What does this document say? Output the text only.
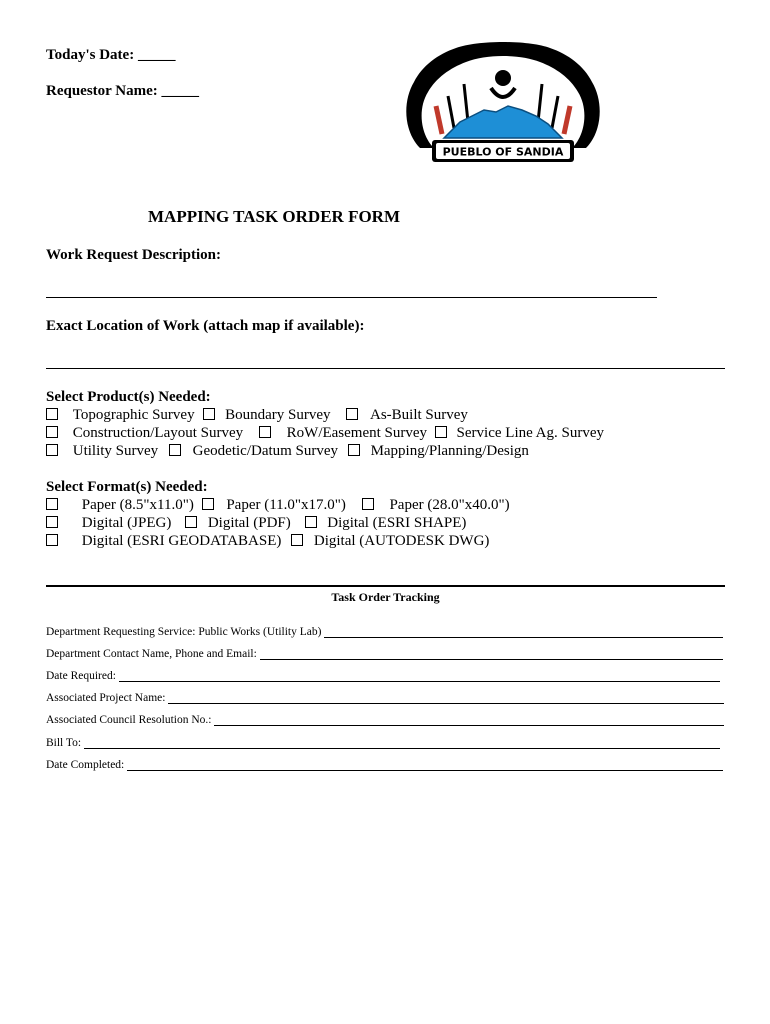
Today's Date: _____
Requestor Name: _____
PUEBLO OF SANDIA
MAPPING TASK ORDER FORM
Work Request Description:
Exact Location of Work (attach map if available):
Select Product(s) Needed:
Topographic Survey Boundary Survey	As-Built Survey
Construction/Layout Survey	RoW/Easement Survey Service Line Ag. Survey
Utility Survey Geodetic/Datum Survey Mapping/Planning/Design
Select Format(s) Needed:
Paper (8.5"x11.0") Paper (11.0"x17.0")	Paper (28.0"x40.0")
Digital (JPEG) Digital (PDF) Digital (ESRI SHAPE)
Digital (ESRI GEODATABASE) Digital (AUTODESK DWG)
Task Order Tracking
Department Requesting Service: Public Works (Utility Lab)
Department Contact Name, Phone and Email:
Date Required:
Associated Project Name:
Associated Council Resolution No.:
Bill To:
Date Completed:
